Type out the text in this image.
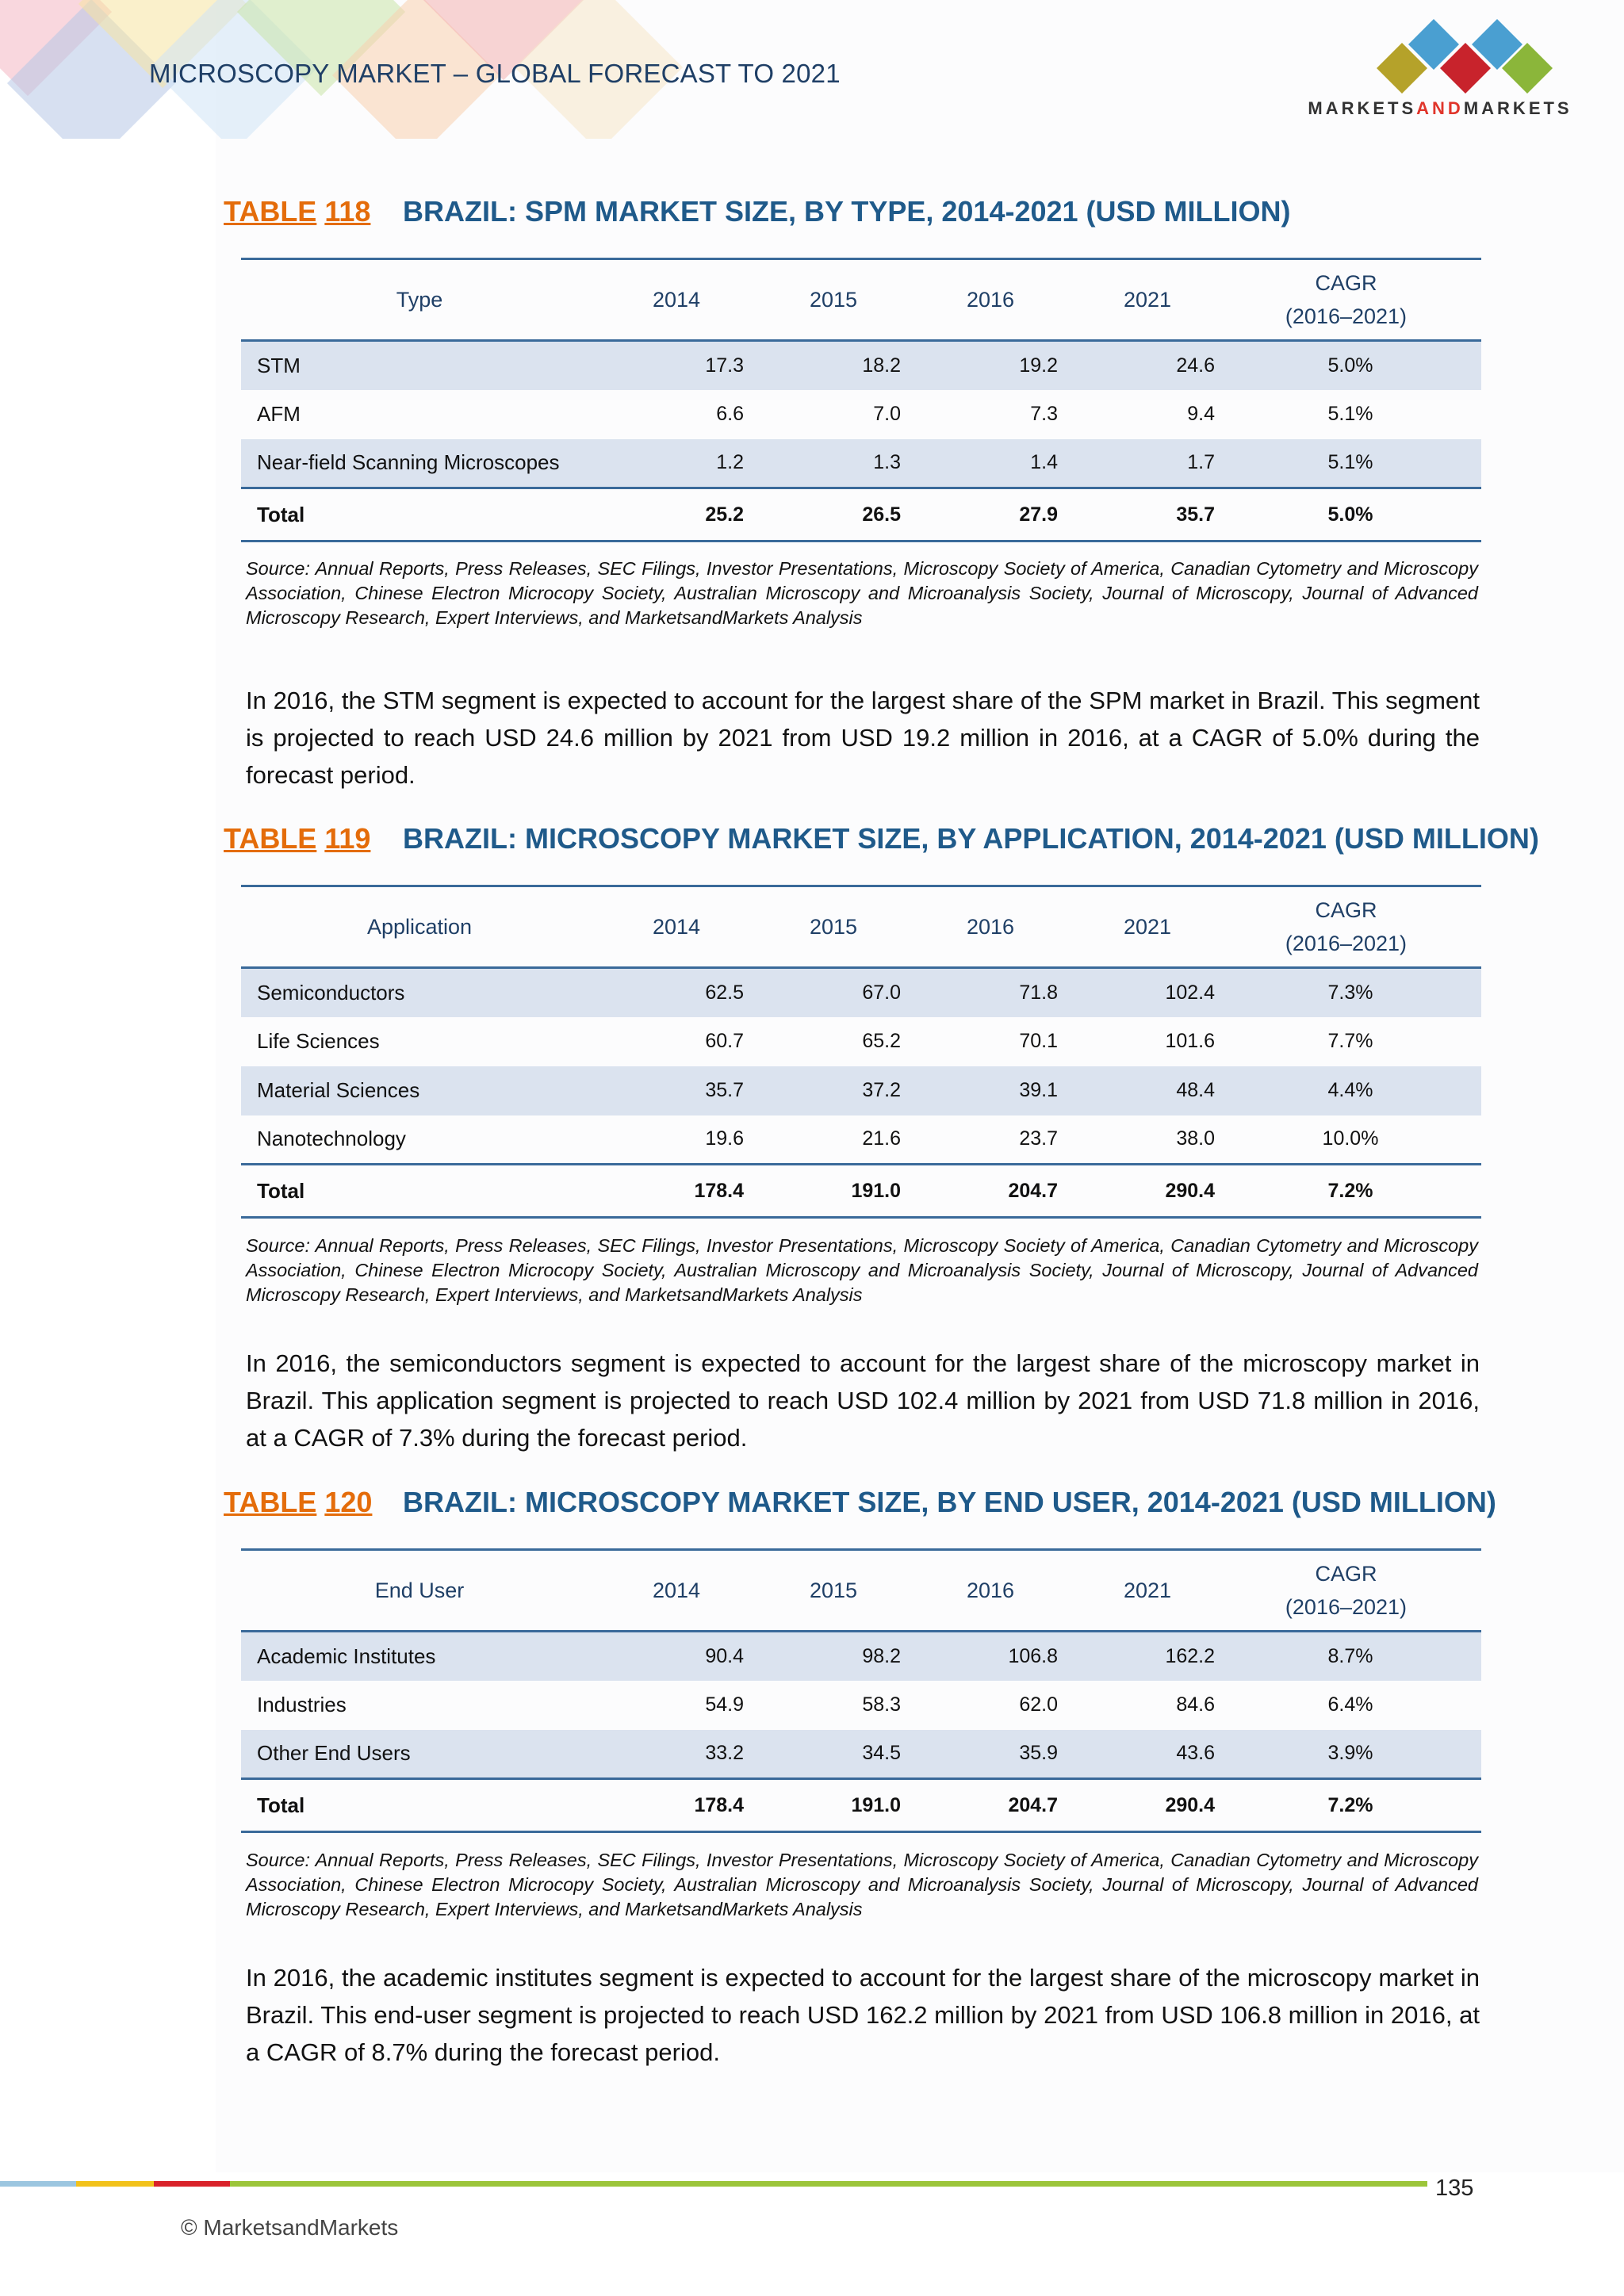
MICROSCOPY MARKET – GLOBAL FORECAST TO 2021
MARKETSANDMARKETS
TABLE 118 BRAZIL: SPM MARKET SIZE, BY TYPE, 2014-2021 (USD MILLION)
Type	2014	2015	2016	2021	CAGR
(2016–2021)
STM	17.3	18.2	19.2	24.6	5.0%
AFM	6.6	7.0	7.3	9.4	5.1%
Near-field Scanning Microscopes	1.2	1.3	1.4	1.7	5.1%
Total	25.2	26.5	27.9	35.7	5.0%
Source: Annual Reports, Press Releases, SEC Filings, Investor Presentations, Microscopy Society of America, Canadian Cytometry and Microscopy Association, Chinese Electron Microcopy Society, Australian Microscopy and Microanalysis Society, Journal of Microscopy, Journal of Advanced Microscopy Research, Expert Interviews, and MarketsandMarkets Analysis
In 2016, the STM segment is expected to account for the largest share of the SPM market in Brazil. This segment is projected to reach USD 24.6 million by 2021 from USD 19.2 million in 2016, at a CAGR of 5.0% during the forecast period.
TABLE 119 BRAZIL: MICROSCOPY MARKET SIZE, BY APPLICATION, 2014-2021 (USD MILLION)
Application	2014	2015	2016	2021	CAGR
(2016–2021)
Semiconductors	62.5	67.0	71.8	102.4	7.3%
Life Sciences	60.7	65.2	70.1	101.6	7.7%
Material Sciences	35.7	37.2	39.1	48.4	4.4%
Nanotechnology	19.6	21.6	23.7	38.0	10.0%
Total	178.4	191.0	204.7	290.4	7.2%
Source: Annual Reports, Press Releases, SEC Filings, Investor Presentations, Microscopy Society of America, Canadian Cytometry and Microscopy Association, Chinese Electron Microcopy Society, Australian Microscopy and Microanalysis Society, Journal of Microscopy, Journal of Advanced Microscopy Research, Expert Interviews, and MarketsandMarkets Analysis
In 2016, the semiconductors segment is expected to account for the largest share of the microscopy market in Brazil. This application segment is projected to reach USD 102.4 million by 2021 from USD 71.8 million in 2016, at a CAGR of 7.3% during the forecast period.
TABLE 120 BRAZIL: MICROSCOPY MARKET SIZE, BY END USER, 2014-2021 (USD MILLION)
End User	2014	2015	2016	2021	CAGR
(2016–2021)
Academic Institutes	90.4	98.2	106.8	162.2	8.7%
Industries	54.9	58.3	62.0	84.6	6.4%
Other End Users	33.2	34.5	35.9	43.6	3.9%
Total	178.4	191.0	204.7	290.4	7.2%
Source: Annual Reports, Press Releases, SEC Filings, Investor Presentations, Microscopy Society of America, Canadian Cytometry and Microscopy Association, Chinese Electron Microcopy Society, Australian Microscopy and Microanalysis Society, Journal of Microscopy, Journal of Advanced Microscopy Research, Expert Interviews, and MarketsandMarkets Analysis
In 2016, the academic institutes segment is expected to account for the largest share of the microscopy market in Brazil. This end-user segment is projected to reach USD 162.2 million by 2021 from USD 106.8 million in 2016, at a CAGR of 8.7% during the forecast period.
135
© MarketsandMarkets
